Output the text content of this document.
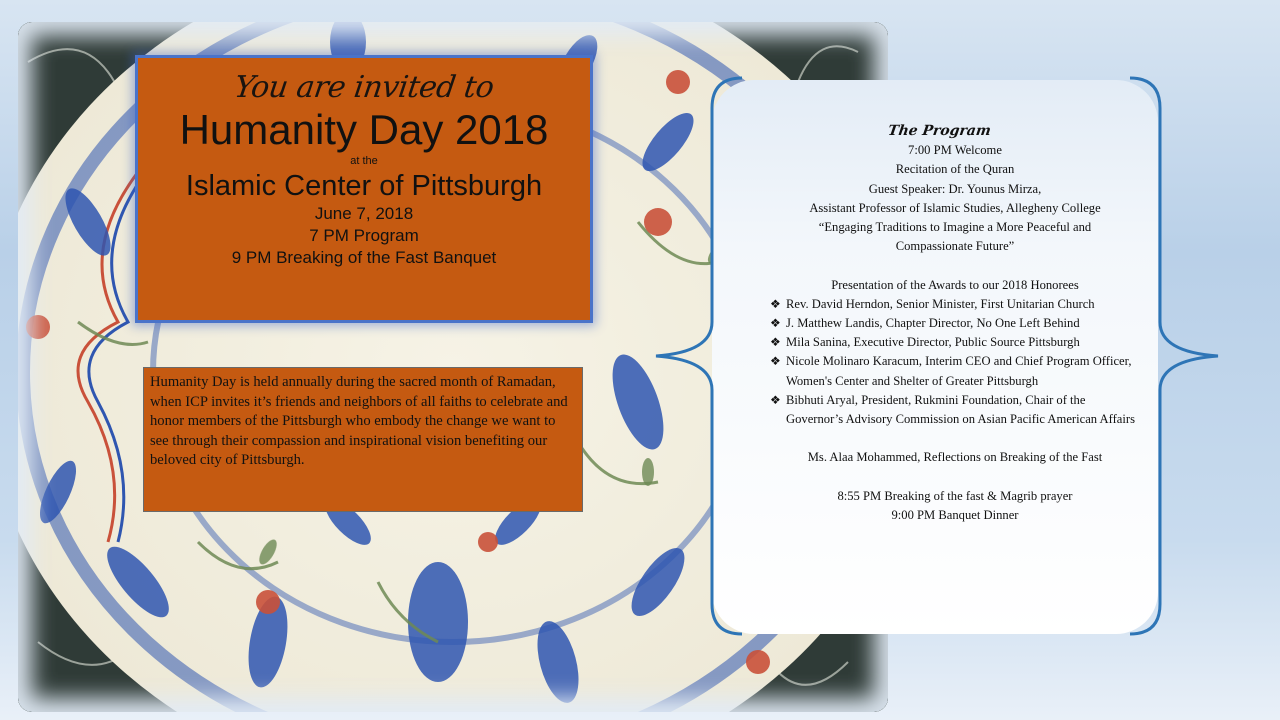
You are invited to
Humanity Day 2018
at the
Islamic Center of Pittsburgh
June 7, 2018
7 PM Program
9 PM Breaking of the Fast Banquet
Humanity Day is held annually during the sacred month of Ramadan, when ICP invites it’s friends and neighbors of all faiths to celebrate and honor members of the Pittsburgh who embody the change we want to see through their compassion and inspirational vision benefiting our beloved city of Pittsburgh.
The Program
7:00 PM Welcome
Recitation of the Quran
Guest Speaker: Dr. Younus Mirza,
Assistant Professor of Islamic Studies, Allegheny College
“Engaging Traditions to Imagine a More Peaceful and
Compassionate Future”
Presentation of the Awards to our 2018 Honorees
❖ Rev. David Herndon, Senior Minister, First Unitarian Church
❖ J. Matthew Landis, Chapter Director, No One Left Behind
❖ Mila Sanina, Executive Director, Public Source Pittsburgh
❖ Nicole Molinaro Karacum, Interim CEO and Chief Program Officer, Women's Center and Shelter of Greater Pittsburgh
❖ Bibhuti Aryal, President, Rukmini Foundation, Chair of the Governor’s Advisory Commission on Asian Pacific American Affairs
Ms. Alaa Mohammed, Reflections on Breaking of the Fast
8:55 PM Breaking of the fast & Magrib prayer
9:00 PM Banquet Dinner
